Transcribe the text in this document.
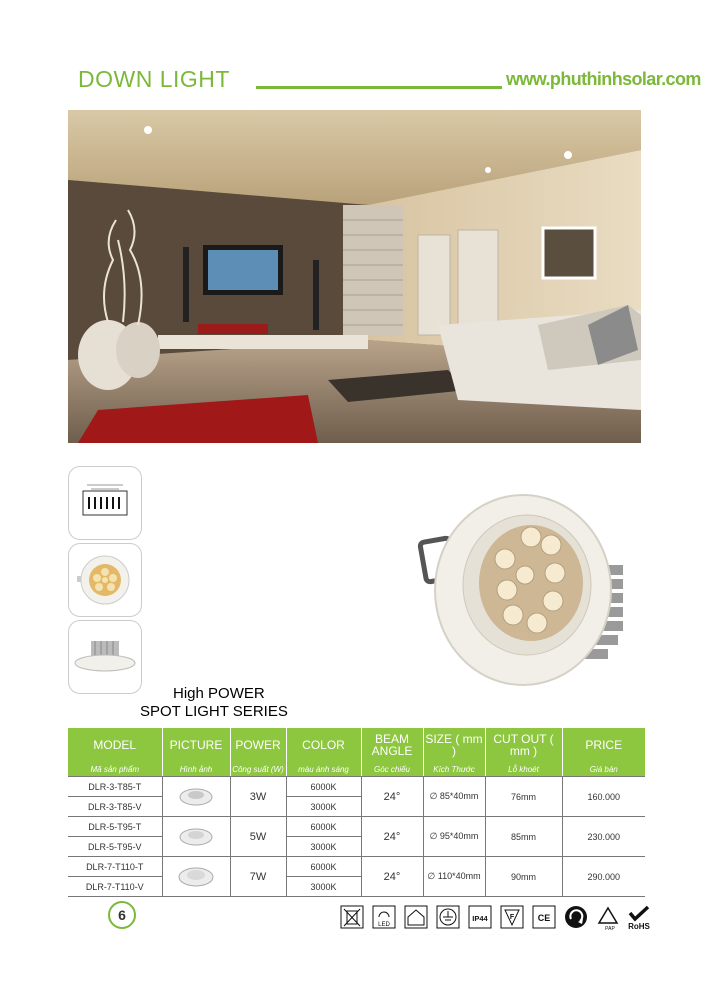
DOWN LIGHT	www.phuthinhsolar.com
High POWER
SPOT LIGHT SERIES
MODEL	PICTURE	POWER	COLOR	BEAM ANGLE	SIZE ( mm )	CUT OUT ( mm )	PRICE
Mã sản phẩm	Hình ảnh	Công suất (W)	màu ánh sáng	Góc chiếu	Kích Thước	Lỗ khoét	Giá bán
DLR-3-T85-T		3W	6000K	24°	∅ 85*40mm	76mm	160.000
DLR-3-T85-V			3000K				
DLR-5-T95-T		5W	6000K	24°	∅ 95*40mm	85mm	230.000
DLR-5-T95-V			3000K				
DLR-7-T110-T		7W	6000K	24°	∅ 110*40mm	90mm	290.000
DLR-7-T110-V			3000K				
6
LED
IP44	F	CE
PAP RoHS
